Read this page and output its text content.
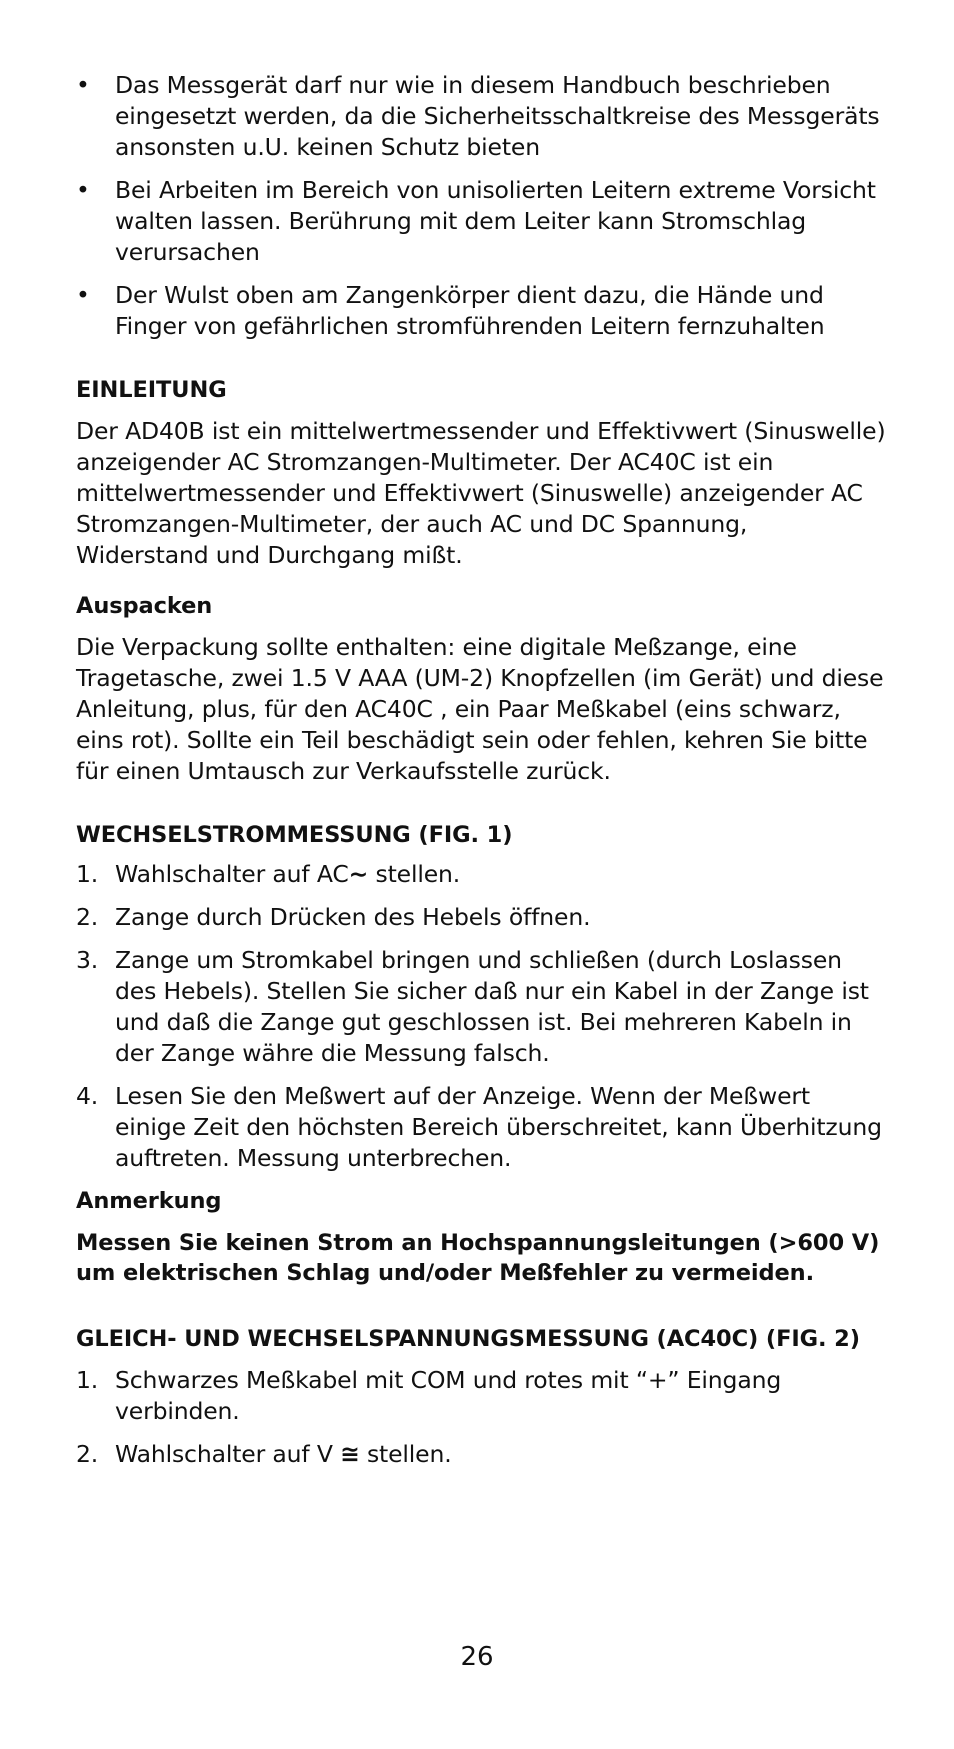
• Das Messgerät darf nur wie in diesem Handbuch beschrieben eingesetzt werden, da die Sicherheitsschaltkreise des Messgeräts ansonsten u.U. keinen Schutz bieten
• Bei Arbeiten im Bereich von unisolierten Leitern extreme Vorsicht walten lassen. Berührung mit dem Leiter kann Stromschlag verursachen
• Der Wulst oben am Zangenkörper dient dazu, die Hände und Finger von gefährlichen stromführenden Leitern fernzuhalten
EINLEITUNG
Der AD40B ist ein mittelwertmessender und Effektivwert (Sinuswelle) anzeigender AC Stromzangen-Multimeter. Der AC40C ist ein mittelwertmessender und Effektivwert (Sinuswelle) anzeigender AC Stromzangen-Multimeter, der auch AC und DC Spannung, Widerstand und Durchgang mißt.
Auspacken
Die Verpackung sollte enthalten: eine digitale Meßzange, eine Tragetasche, zwei 1.5 V AAA (UM-2) Knopfzellen (im Gerät) und diese Anleitung, plus, für den AC40C , ein Paar Meßkabel (eins schwarz, eins rot). Sollte ein Teil beschädigt sein oder fehlen, kehren Sie bitte für einen Umtausch zur Verkaufsstelle zurück.
WECHSELSTROMMESSUNG (FIG. 1)
1. Wahlschalter auf AC∼ stellen.
2. Zange durch Drücken des Hebels öffnen.
3. Zange um Stromkabel bringen und schließen (durch Loslassen des Hebels). Stellen Sie sicher daß nur ein Kabel in der Zange ist und daß die Zange gut geschlossen ist. Bei mehreren Kabeln in der Zange währe die Messung falsch.
4. Lesen Sie den Meßwert auf der Anzeige. Wenn der Meßwert einige Zeit den höchsten Bereich überschreitet, kann Überhitzung auftreten. Messung unterbrechen.
Anmerkung
Messen Sie keinen Strom an Hochspannungsleitungen (>600 V) um elektrischen Schlag und/oder Meßfehler zu vermeiden.
GLEICH- UND WECHSELSPANNUNGSMESSUNG (AC40C) (FIG. 2)
1. Schwarzes Meßkabel mit COM und rotes mit “+” Eingang verbinden.
2. Wahlschalter auf V ≅ stellen.
26
